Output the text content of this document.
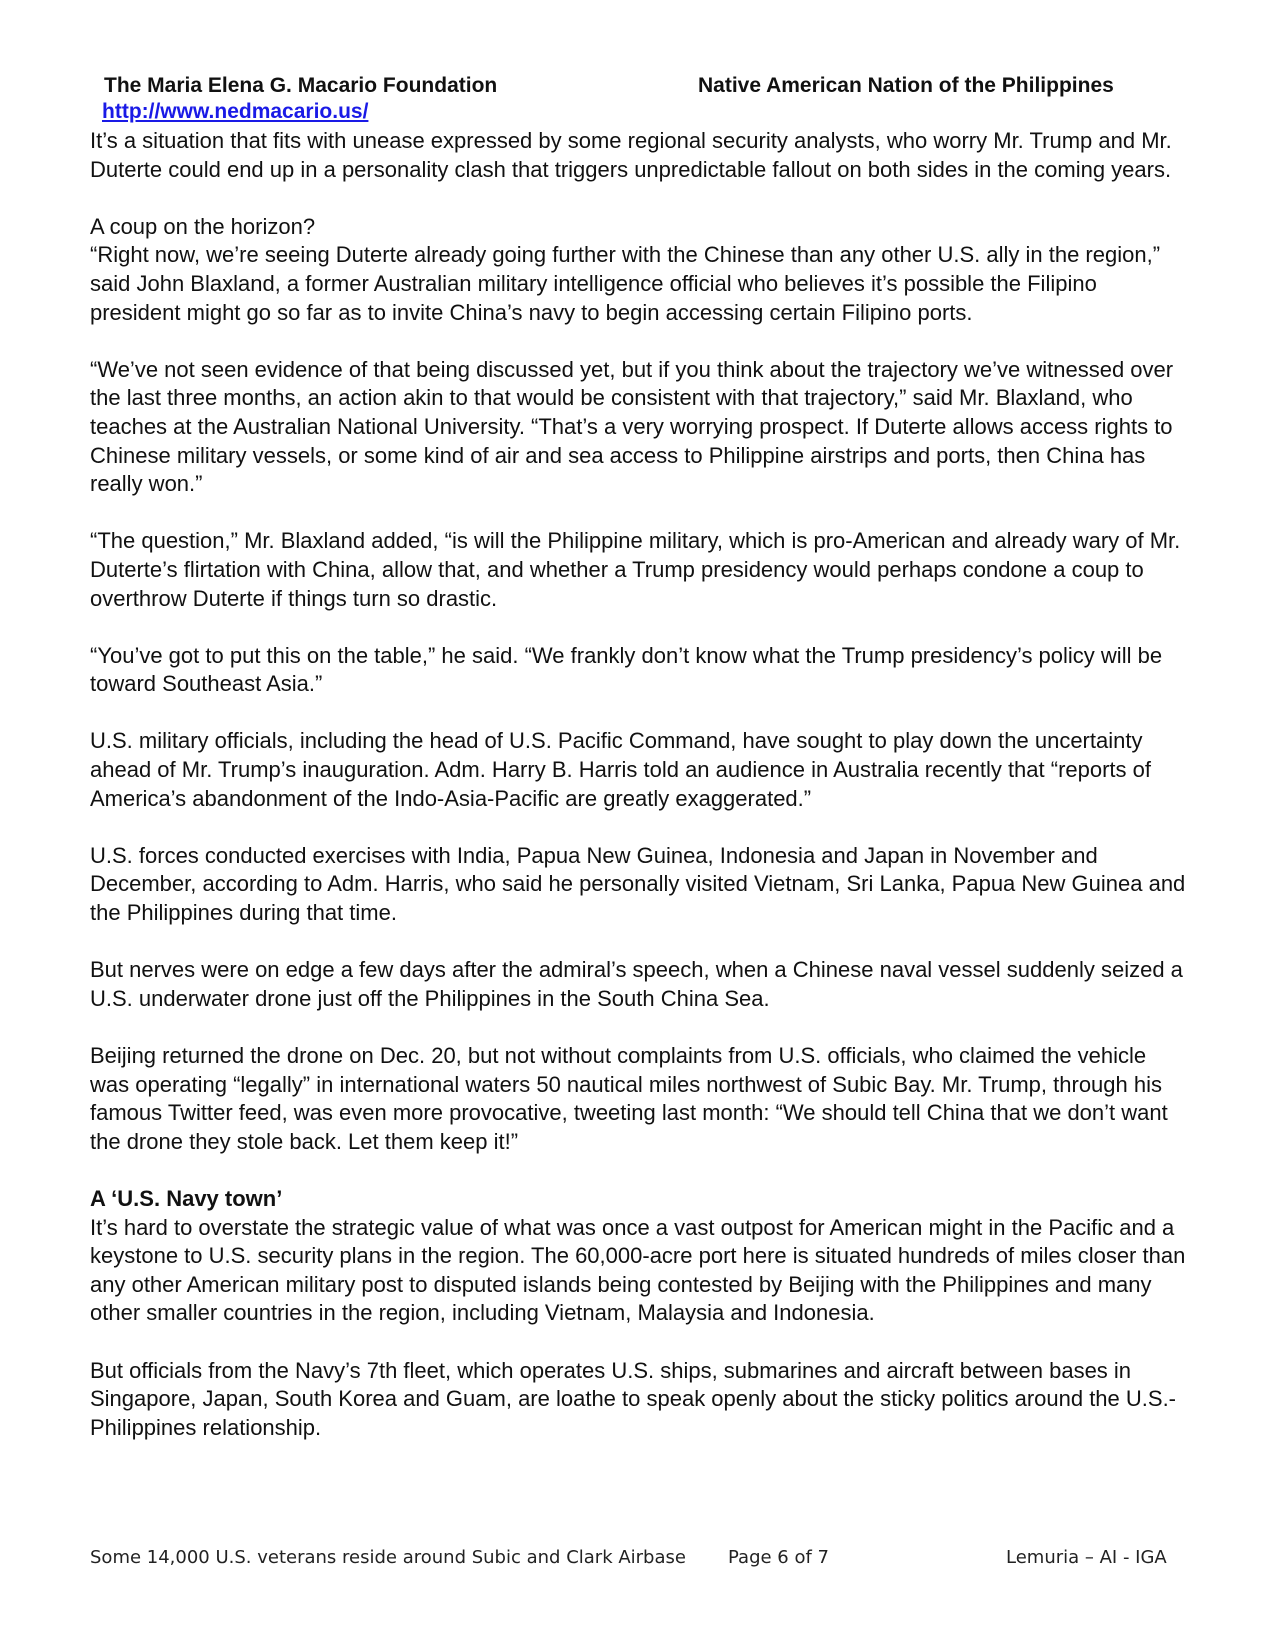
The Maria Elena G. Macario Foundation	Native American Nation of the Philippines
http://www.nedmacario.us/

It’s a situation that fits with unease expressed by some regional security analysts, who worry Mr. Trump and Mr. Duterte could end up in a personality clash that triggers unpredictable fallout on both sides in the coming years.

A coup on the horizon?

“Right now, we’re seeing Duterte already going further with the Chinese than any other U.S. ally in the region,” said John Blaxland, a former Australian military intelligence official who believes it’s possible the Filipino president might go so far as to invite China’s navy to begin accessing certain Filipino ports.

“We’ve not seen evidence of that being discussed yet, but if you think about the trajectory we’ve witnessed over the last three months, an action akin to that would be consistent with that trajectory,” said Mr. Blaxland, who teaches at the Australian National University. “That’s a very worrying prospect. If Duterte allows access rights to Chinese military vessels, or some kind of air and sea access to Philippine airstrips and ports, then China has really won.”

“The question,” Mr. Blaxland added, “is will the Philippine military, which is pro-American and already wary of Mr. Duterte’s flirtation with China, allow that, and whether a Trump presidency would perhaps condone a coup to overthrow Duterte if things turn so drastic.

“You’ve got to put this on the table,” he said. “We frankly don’t know what the Trump presidency’s policy will be toward Southeast Asia.”

U.S. military officials, including the head of U.S. Pacific Command, have sought to play down the uncertainty ahead of Mr. Trump’s inauguration. Adm. Harry B. Harris told an audience in Australia recently that “reports of America’s abandonment of the Indo-Asia-Pacific are greatly exaggerated.”

U.S. forces conducted exercises with India, Papua New Guinea, Indonesia and Japan in November and December, according to Adm. Harris, who said he personally visited Vietnam, Sri Lanka, Papua New Guinea and the Philippines during that time.

But nerves were on edge a few days after the admiral’s speech, when a Chinese naval vessel suddenly seized a U.S. underwater drone just off the Philippines in the South China Sea.

Beijing returned the drone on Dec. 20, but not without complaints from U.S. officials, who claimed the vehicle was operating “legally” in international waters 50 nautical miles northwest of Subic Bay. Mr. Trump, through his famous Twitter feed, was even more provocative, tweeting last month: “We should tell China that we don’t want the drone they stole back. Let them keep it!”

A ‘U.S. Navy town’

It’s hard to overstate the strategic value of what was once a vast outpost for American might in the Pacific and a keystone to U.S. security plans in the region. The 60,000-acre port here is situated hundreds of miles closer than any other American military post to disputed islands being contested by Beijing with the Philippines and many other smaller countries in the region, including Vietnam, Malaysia and Indonesia.

But officials from the Navy’s 7th fleet, which operates U.S. ships, submarines and aircraft between bases in Singapore, Japan, South Korea and Guam, are loathe to speak openly about the sticky politics around the U.S.-Philippines relationship.

Some 14,000 U.S. veterans reside around Subic and Clark Airbase Page 6 of 7	Lemuria – AI - IGA
